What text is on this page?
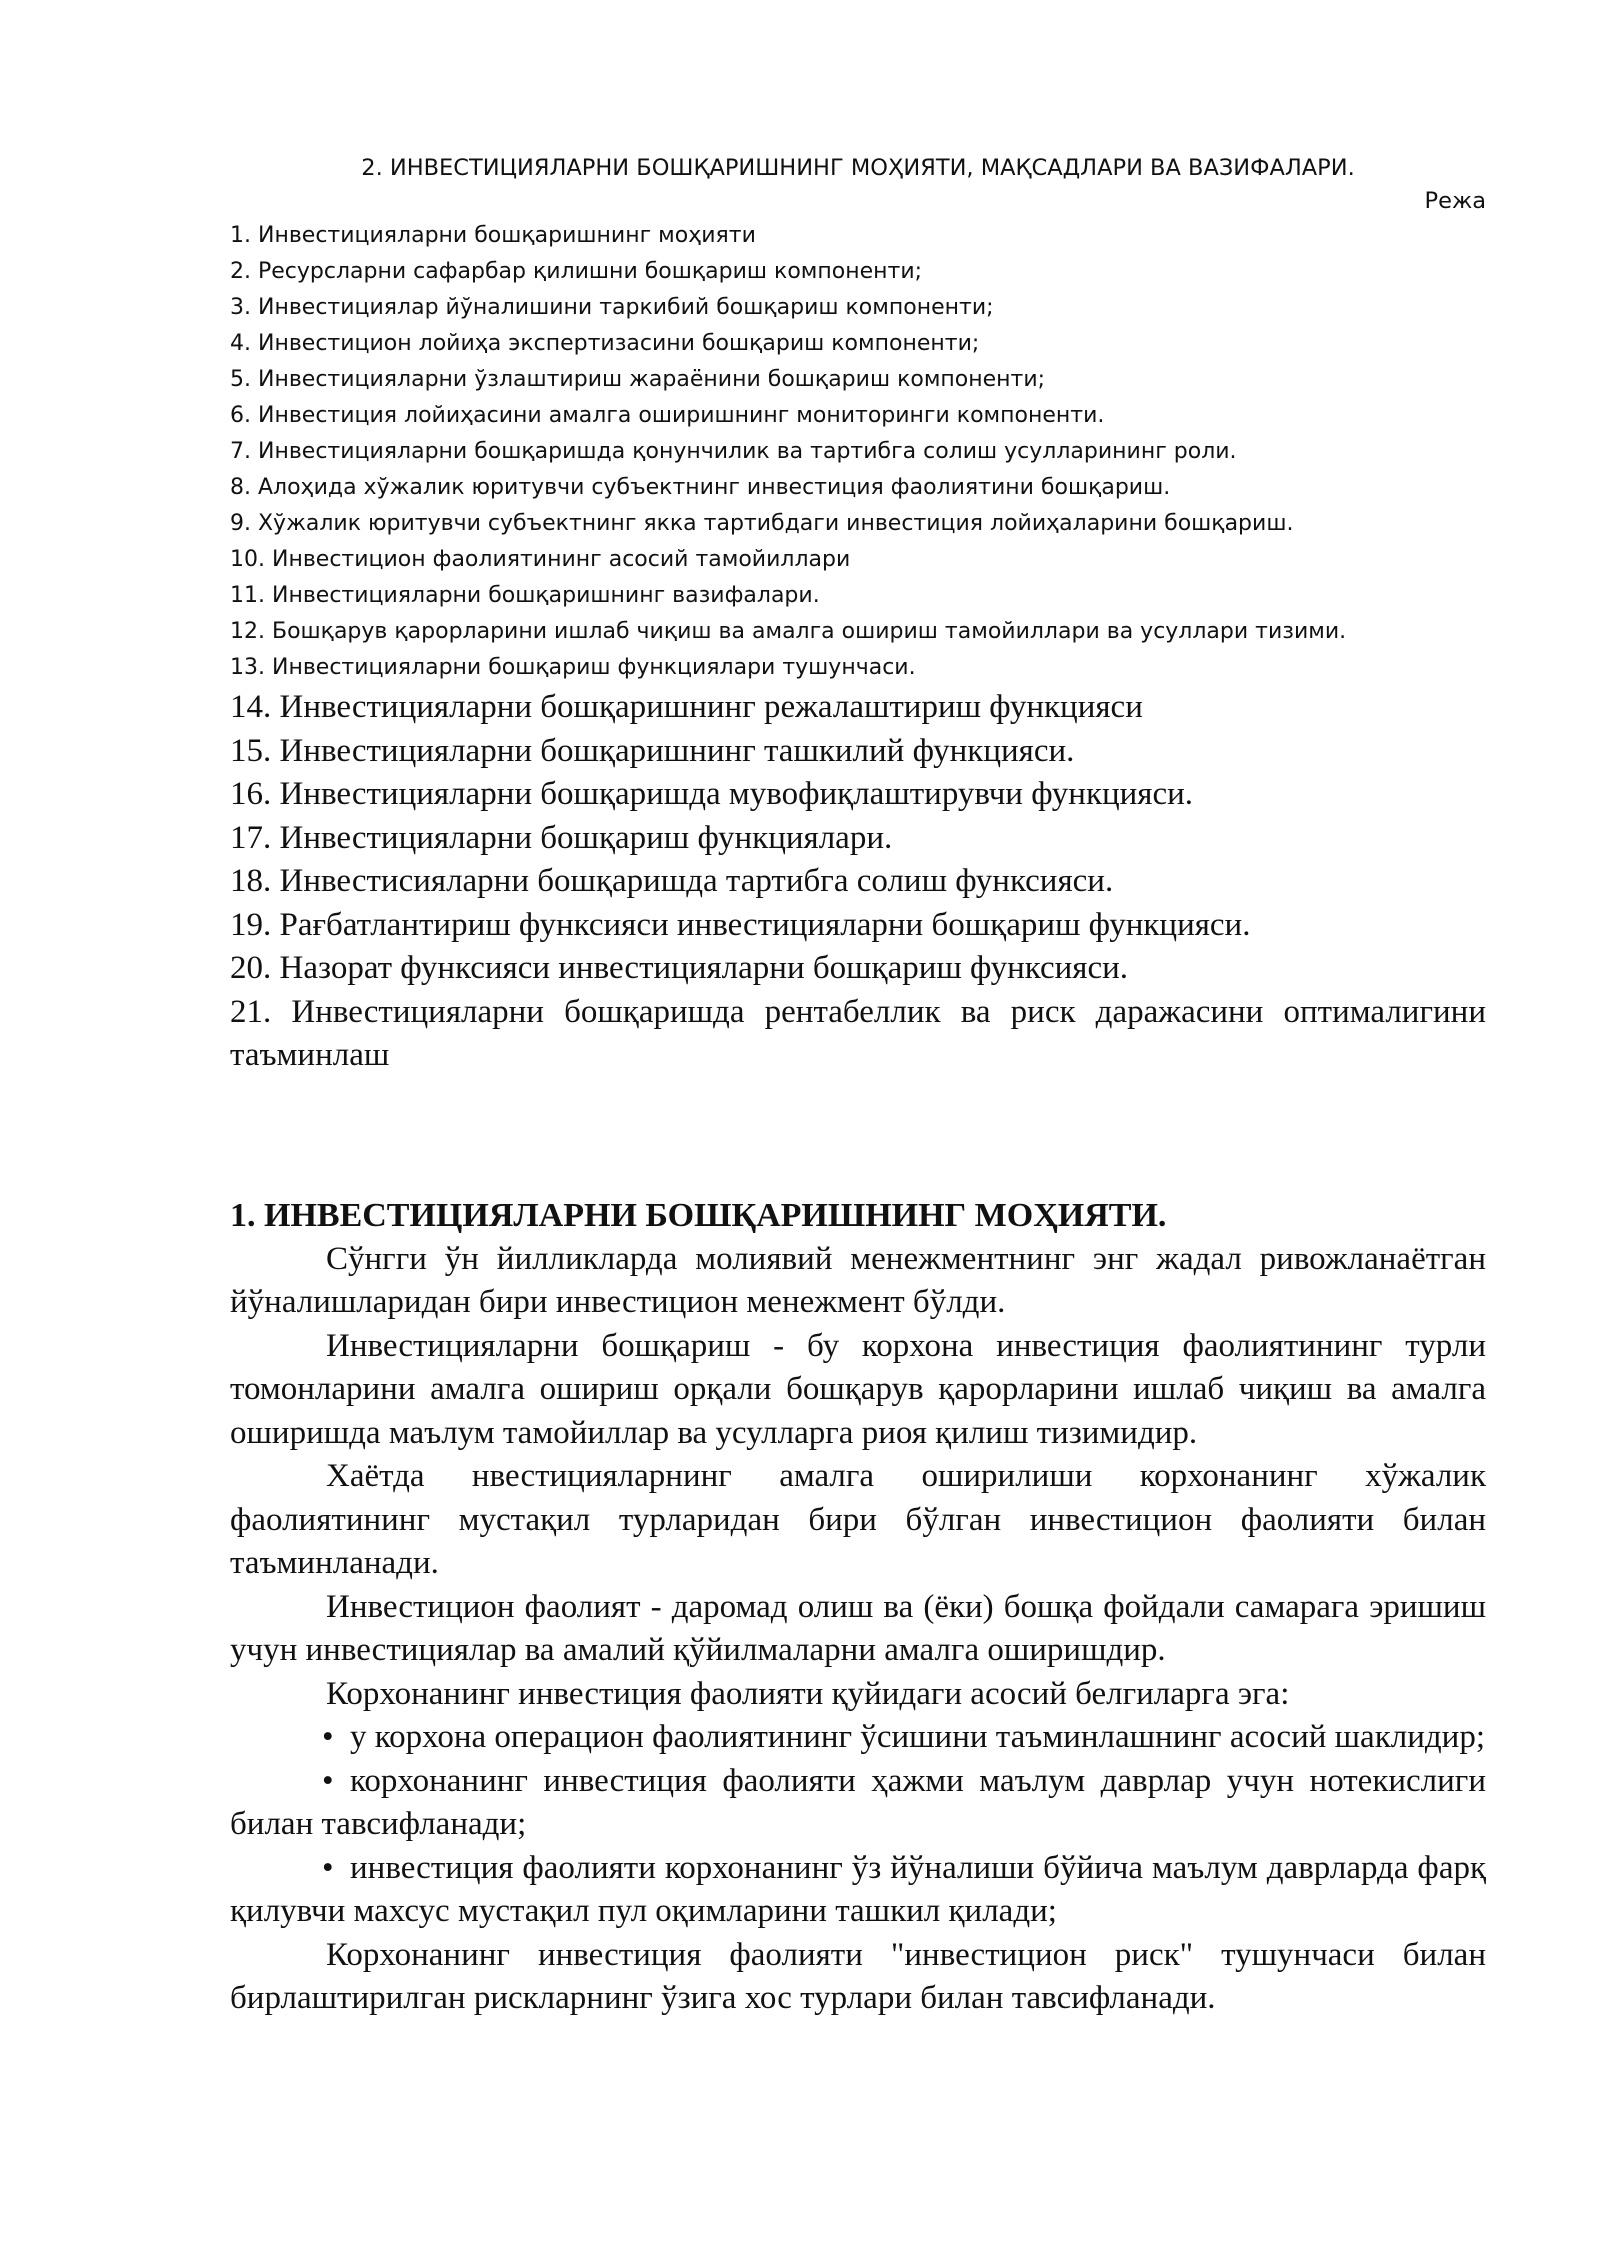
2. ИНВЕСТИЦИЯЛАРНИ БОШҚАРИШНИНГ МОҲИЯТИ, МАҚСАДЛАРИ ВА ВАЗИФАЛАРИ.
Режа
1. Инвестицияларни бошқаришнинг моҳияти
2. Ресурсларни сафарбар қилишни бошқариш компоненти;
3. Инвестициялар йўналишини таркибий бошқариш компоненти;
4. Инвестицион лойиҳа экспертизасини бошқариш компоненти;
5. Инвестицияларни ўзлаштириш жараёнини бошқариш компоненти;
6. Инвестиция лойиҳасини амалга оширишнинг мониторинги компоненти.
7. Инвестицияларни бошқаришда қонунчилик ва тартибга солиш усулларининг роли.
8. Алоҳида хўжалик юритувчи субъектнинг инвестиция фаолиятини бошқариш.
9. Хўжалик юритувчи субъектнинг якка тартибдаги инвестиция лойиҳаларини бошқариш.
10. Инвестицион фаолиятининг асосий тамойиллари
11. Инвестицияларни бошқаришнинг вазифалари.
12. Бошқарув қарорларини ишлаб чиқиш ва амалга ошириш тамойиллари ва усуллари тизими.
13. Инвестицияларни бошқариш функциялари тушунчаси.
14. Инвестицияларни бошқаришнинг режалаштириш функцияси
15. Инвестицияларни бошқаришнинг ташкилий функцияси.
16. Инвестицияларни бошқаришда мувофиқлаштирувчи функцияси.
17. Инвестицияларни бошқариш функциялари.
18. Инвестисияларни бошқаришда тартибга солиш функсияси.
19. Рағбатлантириш функсияси инвестицияларни бошқариш функцияси.
20. Назорат функсияси инвестицияларни бошқариш функсияси.
21. Инвестицияларни бошқаришда рентабеллик ва риск даражасини оптималигини таъминлаш
1. ИНВЕСТИЦИЯЛАРНИ БОШҚАРИШНИНГ МОҲИЯТИ.

Сўнгги ўн йилликларда молиявий менежментнинг энг жадал ривожланаётган йўналишларидан бири инвестицион менежмент бўлди.

Инвестицияларни бошқариш - бу корхона инвестиция фаолиятининг турли томонларини амалга ошириш орқали бошқарув қарорларини ишлаб чиқиш ва амалга оширишда маълум тамойиллар ва усулларга риоя қилиш тизимидир.

Хаётда нвестицияларнинг амалга оширилиши корхонанинг хўжалик фаолиятининг мустақил турларидан бири бўлган инвестицион фаолияти билан таъминланади.

Инвестицион фаолият - даромад олиш ва (ёки) бошқа фойдали самарага эришиш учун инвестициялар ва амалий қўйилмаларни амалга оширишдир.

Корхонанинг инвестиция фаолияти қуйидаги асосий белгиларга эга:

• у корхона операцион фаолиятининг ўсишини таъминлашнинг асосий шаклидир;

• корхонанинг инвестиция фаолияти ҳажми маълум даврлар учун нотекислиги билан тавсифланади;

• инвестиция фаолияти корхонанинг ўз йўналиши бўйича маълум даврларда фарқ қилувчи махсус мустақил пул оқимларини ташкил қилади;

Корхонанинг инвестиция фаолияти "инвестицион риск" тушунчаси билан бирлаштирилган рискларнинг ўзига хос турлари билан тавсифланади.
